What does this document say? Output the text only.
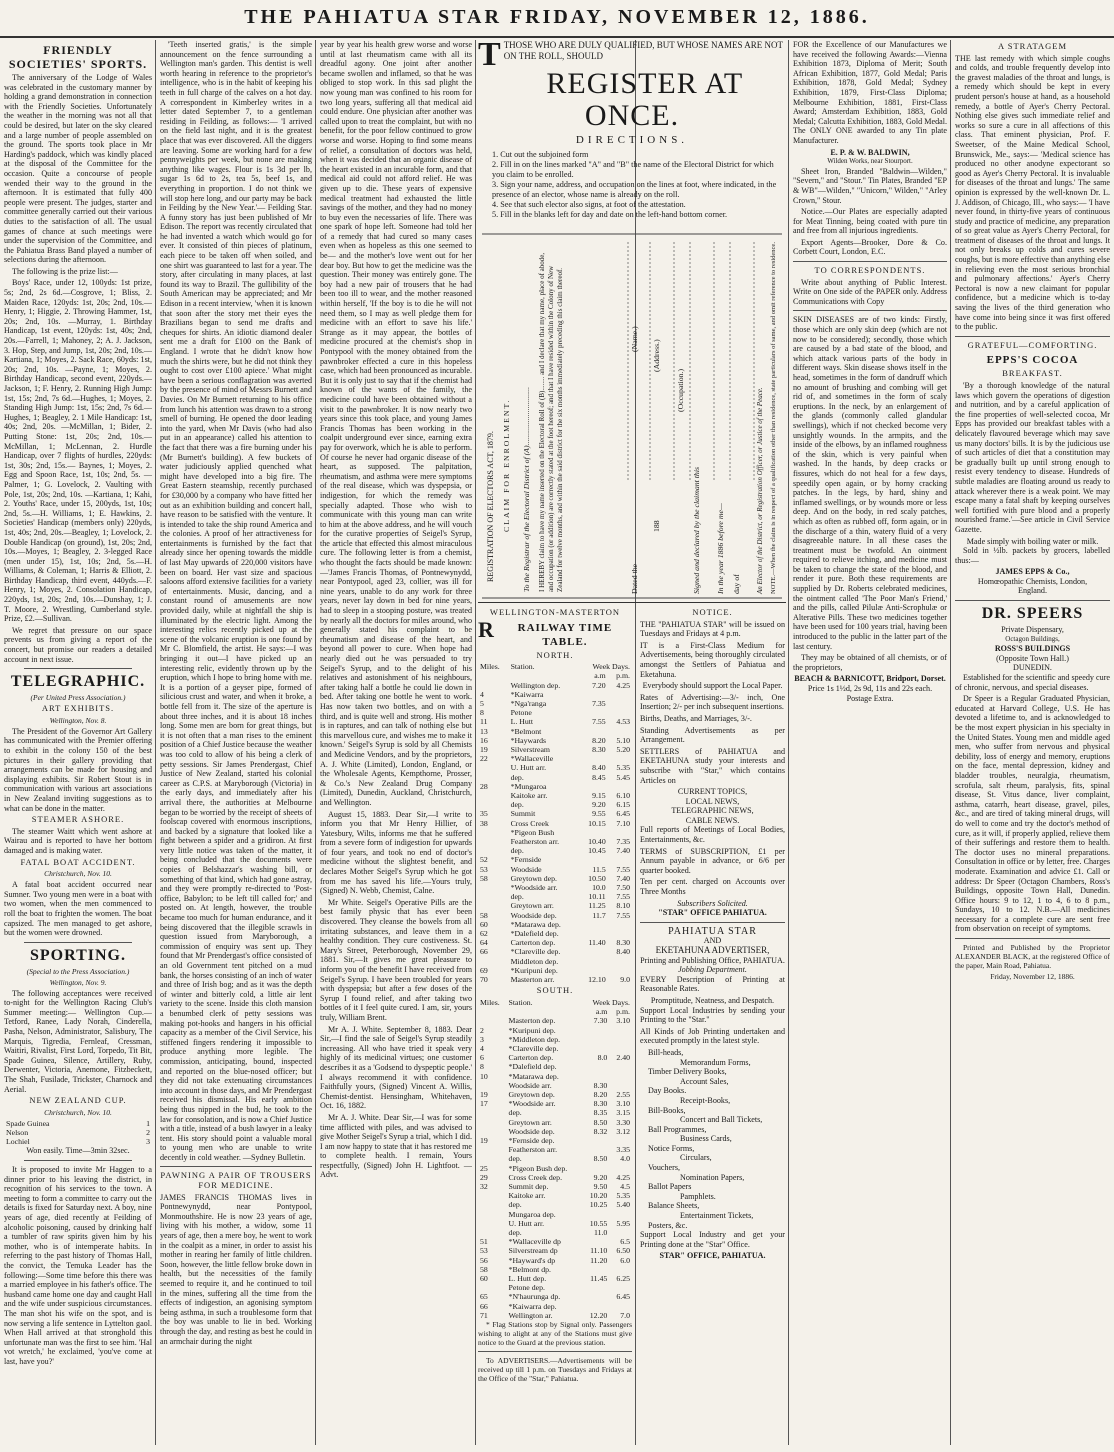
THE PAHIATUA STAR FRIDAY, NOVEMBER 12, 1886.
FRIENDLY SOCIETIES' SPORTS.

The anniversary of the Lodge of Wales was celebrated in the customary manner by holding a grand demonstration in connection with the Friendly Societies. Unfortunately the weather in the morning was not all that could be desired, but later on the sky cleared and a large number of people assembled on the ground. The sports took place in Mr Harding's paddock, which was kindly placed at the disposal of the Committee for the occasion. Quite a concourse of people wended their way to the ground in the afternoon. It is estimated that fully 400 people were present. The judges, starter and committee generally carried out their various duties to the satisfaction of all. The usual games of chance at such meetings were under the supervision of the Committee, and the Pahiatua Brass Band played a number of selections during the afternoon.

The following is the prize list:—

Boys' Race, under 12, 100yds: 1st prize, 5s; 2nd, 2s 6d.—Cosgrove, 1; Bliss, 2. Maiden Race, 120yds: 1st, 20s; 2nd, 10s.—Henry, 1; Higgie, 2. Throwing Hammer, 1st, 20s; 2nd, 10s. —Murray, 1. Birthday Handicap, 1st event, 120yds: 1st, 40s; 2nd, 20s.—Farrell, 1; Mahoney, 2; A. J. Jackson, 3. Hop, Step, and Jump, 1st, 20s; 2nd, 10s.—Kartiana, 1; Moyes, 2. Sack Race, 60yds: 1st, 20s; 2nd, 10s. —Payne, 1; Moyes, 2. Birthday Handicap, second event, 220yds.—Jackson, 1; F. Henry, 2. Running High Jump: 1st, 15s; 2nd, 7s 6d.—Hughes, 1; Moyes, 2. Standing High Jump: 1st, 15s; 2nd, 7s 6d.—Hughes, 1; Beagley, 2. 1 Mile Handicap: 1st, 40s; 2nd, 20s. —McMillan, 1; Bider, 2. Putting Stone: 1st, 20s; 2nd, 10s.— McMillan, 1; McLennan, 2. Hurdle Handicap, over 7 flights of hurdles, 220yds: 1st, 30s; 2nd, 15s.— Baynes, 1; Moyes, 2. Egg and Spoon Race, 1st, 10s; 2nd, 5s. —Palmer, 1; G. Lovelock, 2. Vaulting with Pole, 1st, 20s; 2nd, 10s. —Kartiana, 1; Kahi, 2. Youths' Race, under 15, 200yds, 1st, 10s; 2nd, 5s.—H. Williams, 1; E. Hawkins, 2. Societies' Handicap (members only) 220yds, 1st, 40s; 2nd, 20s.—Beagley, 1; Lovelock, 2. Double Handicap (on ground), 1st, 20s; 2nd, 10s.—Moyes, 1; Beagley, 2. 3-legged Race (men under 15), 1st, 10s; 2nd, 5s.—H. Williams, & Coleman, 1; Harris & Elliott, 2. Birthday Handicap, third event, 440yds.—F. Henry, 1; Moyes, 2. Consolation Handicap, 220yds, 1st, 20s; 2nd, 10s.—Dunshay, 1; J. T. Moore, 2. Wrestling, Cumberland style. Prize, £2.—Sullivan.

We regret that pressure on our space prevents us from giving a report of the concert, but promise our readers a detailed account in next issue.

TELEGRAPHIC.
(Per United Press Association.)
ART EXHIBITS.
Wellington, Nov. 8.

The President of the Governor Art Gallery has communicated with the Premier offering to exhibit in the colony 150 of the best pictures in their gallery providing that arrangements can be made for housing and displaying exhibits. Sir Robert Stout is in communication with various art associations in New Zealand inviting suggestions as to what can be done in the matter.

STEAMER ASHORE.

The steamer Waitt which went ashore at Wairau and is reported to have her bottom damaged and is making water.

FATAL BOAT ACCIDENT.
Christchurch, Nov. 10.

A fatal boat accident occurred near Sumner. Two young men were in a boat with two women, when the men commenced to roll the boat to frighten the women. The boat capsized. The men managed to get ashore, but the women were drowned.

SPORTING.
(Special to the Press Association.)
Wellington, Nov. 9.

The following acceptances were received to-night for the Wellington Racing Club's Summer meeting:— Wellington Cup.—Tetford, Ranee, Lady Norah, Cinderella, Pasha, Nelson, Administrator, Salisbury, The Marquis, Tigredia, Fernleaf, Cressman, Waitiri, Rivalist, First Lord, Torpedo, Tit Bit, Spade Guinea, Silence, Artillery, Ruby, Derwenter, Victoria, Anemone, Fitzbeckett, The Shah, Fusilade, Trickster, Charnock and Aerial.

NEW ZEALAND CUP.
Christchurch, Nov. 10.
Spade Guinea	1
Nelson	2
Lochiel	3
Won easily. Time—3min 32sec.

It is proposed to invite Mr Haggen to a dinner prior to his leaving the district, in recognition of his services to the town. A meeting to form a committee to carry out the details is fixed for Saturday next. A boy, nine years of age, died recently at Feilding of alcoholic poisoning, caused by drinking half a tumbler of raw spirits given him by his mother, who is of intemperate habits. In referring to the past history of Thomas Hall, the convict, the Temuka Leader has the following:—Some time before this there was a married employee in his father's office. The husband came home one day and caught Hall and the wife under suspicious circumstances. The man shot his wife on the spot, and is now serving a life sentence in Lyttelton gaol. When Hall arrived at that stronghold this unfortunate man was the first to see him. 'Hal vot wretch,' he exclaimed, 'you've come at last, have you?'

'Teeth inserted gratis,' is the simple announcement on the fence surrounding a Wellington man's garden. This dentist is well worth hearing in reference to the proprietor's intelligence, who is in the habit of keeping his teeth in full charge of the calves on a hot day. A correspondent in Kimberley writes in a letter dated September 7, to a gentleman residing in Feilding, as follows:— 'I arrived on the field last night, and it is the greatest place that was ever discovered. All the diggers are leaving. Some are working hard for a few pennyweights per week, but none are making anything like wages. Flour is 1s 3d per lb, sugar 1s 6d to 2s, tea 5s, beef 1s, and everything in proportion. I do not think we will stop here long, and our party may be back in Feilding by the New Year.'— Feilding Star. A funny story has just been published of Mr Edison. The report was recently circulated that he had invented a watch which would go for ever. It consisted of thin pieces of platinum, each piece to be taken off when soiled, and one shirt was guaranteed to last for a year. The story, after circulating in many places, at last found its way to Brazil. The gullibility of the South American may be appreciated; and Mr Edison in a recent interview, 'when it is known that soon after the story met their eyes the Brazilians began to send me drafts and cheques for shirts. An idiotic diamond dealer sent me a draft for £100 on the Bank of England. I wrote that he didn't know how much the shirts were, but he did not think they ought to cost over £100 apiece.' What might have been a serious conflagration was averted by the presence of mind of Messrs Burnett and Davies. On Mr Burnett returning to his office from lunch his attention was drawn to a strong smell of burning. He opened the door leading into the yard, when Mr Davis (who had also put in an appearance) called his attention to the fact that there was a fire burning under his (Mr Burnett's building). A few buckets of water judiciously applied quenched what might have developed into a big fire. The Great Eastern steamship, recently purchased for £30,000 by a company who have fitted her out as an exhibition building and concert hall, have reason to be satisfied with the venture. It is intended to take the ship round America and the colonies. A proof of her attractiveness for entertainments is furnished by the fact that already since her opening towards the middle of last May upwards of 220,000 visitors have been on board. Her vast size and spacious saloons afford extensive facilities for a variety of entertainments. Music, dancing, and a constant round of amusements are now provided daily, while at nightfall the ship is illuminated by the electric light. Among the interesting relics recently picked up at the scene of the volcanic eruption is one found by Mr C. Blomfield, the artist. He says:—I was bringing it out—I have picked up an interesting relic, evidently thrown up by the eruption, which I hope to bring home with me. It is a portion of a geyser pipe, formed of silicious crust and water, and when it broke, a bottle fell from it. The size of the aperture is about three inches, and it is about 18 inches long. Some men are born for great things, but it is not often that a man rises to the eminent position of a Chief Justice because the weather was too cold to allow of his being a clerk of petty sessions. Sir James Prendergast, Chief Justice of New Zealand, started his colonial career as C.P.S. at Maryborough (Victoria) in the early days, and immediately after his arrival there, the authorities at Melbourne began to be worried by the receipt of sheets of foolscap covered with enormous inscriptions, and backed by a signature that looked like a fight between a spider and a gridiron. At first very little notice was taken of the matter, it being concluded that the documents were copies of Belshazzar's washing bill, or something of that kind, which had gone astray, and they were promptly re-directed to 'Post-office, Babylon; to be left till called for;' and posted on. At length, however, the trouble became too much for human endurance, and it being discovered that the illegible scrawls in question issued from Maryborough, a commission of enquiry was sent up. They found that Mr Prendergast's office consisted of an old Government tent pitched on a mud bank, the horses consisting of an inch of water and three of Irish bog; and as it was the depth of winter and bitterly cold, a little air lent variety to the scene. Inside this cloth mansion a benumbed clerk of petty sessions was making pot-hooks and hangers in his official capacity as a member of the Civil Service, his stiffened fingers rendering it impossible to produce anything more legible. The commission, anticipating, bound, inspected and reported on the blue-nosed officer; but they did not take extenuating circumstances into account in those days, and Mr Prendergast received his dismissal. His early ambition being thus nipped in the bud, he took to the law for consolation, and is now a Chief Justice with a title, instead of a bush lawyer in a leaky tent. His story should point a valuable moral to young men who are unable to write decently in cold weather. —Sydney Bulletin.

PAWNING A PAIR OF TROUSERS FOR MEDICINE.

JAMES FRANCIS THOMAS lives in Pontnewynydd, near Pontypool, Monmouthshire. He is now 23 years of age, living with his mother, a widow, some 11 years of age, then a mere boy, he went to work in the coalpit as a miner, in order to assist his mother in rearing her family of little children. Soon, however, the little fellow broke down in health, but the necessities of the family seemed to require it, and he continued to toil in the mines, suffering all the time from the effects of indigestion, an agonising symptom being asthma, in such a troublesome form that the boy was unable to lie in bed. Working through the day, and resting as best he could in an armchair during the night

year by year his health grew worse and worse until at last rheumatism came with all its dreadful agony. One joint after another became swollen and inflamed, so that he was obliged to stop work. In this sad plight the now young man was confined to his room for two long years, suffering all that medical aid could endure. One physician after another was called upon to treat the complaint, but with no benefit, for the poor fellow continued to grow worse and worse. Hoping to find some means of relief, a consultation of doctors was held, when it was decided that an organic disease of the heart existed in an incurable form, and that medical aid could not afford relief. He was given up to die. These years of expensive medical treatment had exhausted the little savings of the mother, and they had no money to buy even the necessaries of life. There was one spark of hope left. Someone had told her of a remedy that had cured so many cases even when as hopeless as this one seemed to be— and the mother's love went out for her dear boy. But how to get the medicine was the question. Their money was entirely gone. The boy had a new pair of trousers that he had been too ill to wear, and the mother reasoned within herself, 'If the boy is to die he will not need them, so I may as well pledge them for medicine with an effort to save his life.' Strange as it may appear, the bottles of medicine procured at the chemist's shop in Pontypool with the money obtained from the pawnbroker effected a cure in this hopeless case, which had been pronounced as incurable. But it is only just to say that if the chemist had known of the wants of the family, the medicine could have been obtained without a visit to the pawnbroker. It is now nearly two years since this took place, and young James Francis Thomas has been working in the coalpit underground ever since, earning extra pay for overwork, which he is able to perform. Of course he never had organic disease of the heart, as supposed. The palpitation, rheumatism, and asthma were mere symptoms of the real disease, which was dyspepsia, or indigestion, for which the remedy was specially adapted. Those who wish to communicate with this young man can write to him at the above address, and he will vouch for the curative properties of Seigel's Syrup, the article that effected this almost miraculous cure. The following letter is from a chemist, who thought the facts should be made known:—'James Francis Thomas, of Pontnewynydd, near Pontypool, aged 23, collier, was ill for nine years, unable to do any work for three years, never lay down in bed for nine years, had to sleep in a stooping posture, was treated by nearly all the doctors for miles around, who generally stated his complaint to be rheumatism and disease of the heart, and beyond all power to cure. When hope had nearly died out he was persuaded to try Seigel's Syrup, and to the delight of his relatives and astonishment of his neighbours, after taking half a bottle he could lie down in bed. After taking one bottle he went to work. Has now taken two bottles, and on with a third, and is quite well and strong. His mother is in raptures, and can talk of nothing else but this marvellous cure, and wishes me to make it known.' Seigel's Syrup is sold by all Chemists and Medicine Vendors, and by the proprietors, A. J. White (Limited), London, England, or the Wholesale Agents, Kempthorne, Prosser, & Co.'s New Zealand Drug Company (Limited), Dunedin, Auckland, Christchurch, and Wellington.

August 15, 1883. Dear Sir,—I write to inform you that Mr Henry Hillier, of Yatesbury, Wilts, informs me that he suffered from a severe form of indigestion for upwards of four years, and took no end of doctor's medicine without the slightest benefit, and declares Mother Seigel's Syrup which he got from me has saved his life.—Yours truly, (Signed) N. Webb, Chemist, Calne.

Mr White. Seigel's Operative Pills are the best family physic that has ever been discovered. They cleanse the bowels from all irritating substances, and leave them in a healthy condition. They cure costiveness. St. Mary's Street, Peterborough, November 29, 1881. Sir,—It gives me great pleasure to inform you of the benefit I have received from Seigel's Syrup. I have been troubled for years with dyspepsia; but after a few doses of the Syrup I found relief, and after taking two bottles of it I feel quite cured. I am, sir, yours truly, William Brent.

Mr A. J. White. September 8, 1883. Dear Sir,—I find the sale of Seigel's Syrup steadily increasing. All who have tried it speak very highly of its medicinal virtues; one customer describes it as a 'Godsend to dyspeptic people.' I always recommend it with confidence. Faithfully yours, (Signed) Vincent A. Willis, Chemist-dentist. Hensingham, Whitehaven, Oct. 16, 1882.

Mr A. J. White. Dear Sir,—I was for some time afflicted with piles, and was advised to give Mother Seigel's Syrup a trial, which I did. I am now happy to state that it has restored me to complete health. I remain, Yours respectfully, (Signed) John H. Lightfoot. —Advt.

T THOSE WHO ARE DULY QUALIFIED, BUT WHOSE NAMES ARE NOT ON THE ROLL, SHOULD
REGISTER AT ONCE.
DIRECTIONS.
1. Cut out the subjoined form
2. Fill in on the lines marked "A" and "B" the name of the Electoral District for which you claim to be enrolled.
3. Sign your name, address, and occupation on the lines at foot, where indicated, in the presence of an elector, whose name is already on the roll.
4. See that such elector also signs, at foot of the attestation.
5. Fill in the blanks left for day and date on the left-hand bottom corner.
REGISTRATION OF ELECTORS ACT, 1879. CLAIM FOR ENROLMENT. To the Registrar of the Electoral District of (A).............................. I HEREBY claim to have my name inserted on the Electoral Roll of (B)........ and I declare that my name, place of abode, and occupation (or addition) are correctly stated at the foot hereof; and that I have resided within the Colony of New Zealand for twelve months, and within the said district for the six months immediately preceding this claim thereof.	(Name.)
(Address.)
(Occupation.)
Dated the
188	Signed and declared by the claimant this In the year 1886 before me— day of An Elector of the District, or Registration Officer, or Justice of the Peace. NOTE.—When the claim is in respect of a qualification other than residence, state particulars of same, and omit reference to residence.
WELLINGTON-MASTERTON
R RAILWAY TIME TABLE.
NORTH.
Miles.	Station.	Week Days.	
		a.m	p.m.
	Wellington dep.	7.20	4.25
4	*Kaiwarra		
5	*Nga'ranga	7.35	
8	Petone		
11	L. Hutt	7.55	4.53
13	*Belmont		
16	*Haywards	8.20	5.10
19	Silverstream	8.30	5.20
22	*Wallaceville		
	U. Hutt arr.	8.40	5.35
	dep.	8.45	5.45
28	*Mungaroa		
	Kaitoke arr.	9.15	6.10
	dep.	9.20	6.15
35	Summit	9.55	6.45
38	Cross Creek	10.15	7.10
	*Pigeon Bush		
	Featherston arr.	10.40	7.35
	dep.	10.45	7.40
52	*Fernside		
53	Woodside	11.5	7.55
58	Greytown dep.	10.50	7.40
	*Woodside arr.	10.0	7.50
	dep.	10.11	7.55
	Greytown arr.	11.25	8.10
58	Woodside dep.	11.7	7.55
60	*Matarawa dep.		
62	*Dalefield dep.		
64	Carterton dep.	11.40	8.30
66	*Clareville dep.		8.40
	Middleton dep.		
69	*Kuripuni dep.		
70	Masterton arr.	12.10	9.0
SOUTH.
Miles.	Station.	Week Days.	
		a.m	p.m.
	Masterton dep.	7.30	3.10
2	*Kuripuni dep.		
3	*Middleton dep.		
4	*Clareville dep.		
6	Carterton dep.	8.0	2.40
8	*Dalefield dep.		
10	*Matarawa dep.		
	Woodside arr.	8.30	
19	Greytown dep.	8.20	2.55
17	*Woodside arr.	8.30	3.10
	dep.	8.35	3.15
	Greytown arr.	8.50	3.30
	Woodside dep.	8.32	3.12
19	*Fernside dep.		
	Featherston arr.		3.35
	dep.	8.50	4.0
25	*Pigeon Bush dep.		
29	Cross Creek dep.	9.20	4.25
32	Summit dep.	9.50	4.5
	Kaitoke arr.	10.20	5.35
	dep.	10.25	5.40
	Mungaroa dep.		
	U. Hutt arr.	10.55	5.95
	dep.	11.0	
51	*Wallaceville dp		6.5
53	Silverstream dp	11.10	6.50
56	*Hayward's dp	11.20	6.0
58	*Belmont dp.		
60	L. Hutt dep.	11.45	6.25
	Petone dep.		
65	*N'haurunga dp.		6.45
66	*Kaiwarra dep.		
71	Wellington ar.	12.20	7.0

* Flag Stations stop by Signal only. Passengers wishing to alight at any of the Stations must give notice to the Guard at the previous station.

To ADVERTISERS.—Advertisements will be received up till 1 p.m. on Tuesdays and Fridays at the Office of the "Star," Pahiatua.

NOTICE.

THE "PAHIATUA STAR" will be issued on Tuesdays and Fridays at 4 p.m.

IT is a First-Class Medium for Advertisements, being thoroughly circulated amongst the Settlers of Pahiatua and Eketahuna.

Everybody should support the Local Paper.

Rates of Advertising:—3/- inch, One Insertion; 2/- per inch subsequent insertions.

Births, Deaths, and Marriages, 3/-.

Standing Advertisements as per Arrangement.

SETTLERS of PAHIATUA and EKETAHUNA study your interests and subscribe with "Star," which contains Articles on

CURRENT TOPICS,
LOCAL NEWS,
TELEGRAPHIC NEWS,
CABLE NEWS.

Full reports of Meetings of Local Bodies, Entertainments, &c.

TERMS of SUBSCRIPTION, £1 per Annum payable in advance, or 6/6 per quarter booked.

Ten per cent. charged on Accounts over Three Months

Subscribers Solicited.
"STAR" OFFICE PAHIATUA.
PAHIATUA STAR
AND
EKETAHUNA ADVERTISER,
Printing and Publishing Office, PAHIATUA.
Jobbing Department.

EVERY Description of Printing at Reasonable Rates.

Promptitude, Neatness, and Despatch.

Support Local Industries by sending your Printing to the "Star."

All Kinds of Job Printing undertaken and executed promptly in the latest style.

Bill-heads,
Memorandum Forms,
Timber Delivery Books,
Account Sales,
Day Books.
Receipt-Books,
Bill-Books,
Concert and Ball Tickets,
Ball Programmes,
Business Cards,
Notice Forms,
Circulars,
Vouchers,
Nomination Papers,
Ballot Papers
Pamphlets.
Balance Sheets,
Entertainment Tickets,
Posters, &c.

Support Local Industry and get your Printing done at the "Star" Office.

STAR" OFFICE, PAHIATUA.

FOR the Excellence of our Manufactures we have received the following Awards:—Vienna Exhibition 1873, Diploma of Merit; South African Exhibition, 1877, Gold Medal; Paris Exhibition, 1878, Gold Medal; Sydney Exhibition, 1879, First-Class Diploma; Melbourne Exhibition, 1881, First-Class Award; Amsterdam Exhibition, 1883, Gold Medal; Calcutta Exhibition, 1883, Gold Medal. The ONLY ONE awarded to any Tin plate Manufacturer.

E. P. & W. BALDWIN,
Wilden Works, near Stourport.

Sheet Iron, Branded "Baldwin—Wilden," "Severn," and "Stour." Tin Plates, Branded "EP & WB"—Wilden," "Unicorn," Wilden," "Arley Crown," Stour.

Notice.—Our Plates are especially adapted for Meat Tinning, being coated with pure tin and free from all injurious ingredients.

Export Agents—Brooker, Dore & Co. Corbett Court, London, E.C.

TO CORRESPONDENTS.

Write about anything of Public Interest. Write on One side of the PAPER only. Address Communications with Copy

SKIN DISEASES are of two kinds: Firstly, those which are only skin deep (which are not now to be considered); secondly, those which are caused by a bad state of the blood, and which attack various parts of the body in different ways. Skin disease shows itself in the head, sometimes in the form of dandruff which no amount of brushing and combing will get rid of, and sometimes in the form of scaly eruptions. In the neck, by an enlargement of the glands (commonly called glandular swellings), which if not checked become very unsightly wounds. In the armpits, and the inside of the elbows, by an inflamed roughness of the skin, which is very painful when washed. In the hands, by deep cracks or fissures, which do not heal for a few days, speedily open again, or by horny cracking patches. In the legs, by hard, shiny and inflamed swellings, or by wounds more or less deep. And on the body, in red scaly patches, which as often as rubbed off, form again, or in the discharge of a thin, watery fluid of a very disagreeable nature. In all these cases the treatment must be twofold. An ointment required to relieve itching, and medicine must be taken to change the state of the blood, and render it pure. Both these requirements are supplied by Dr. Roberts celebrated medicines, the ointment called 'The Poor Man's Friend,' and the pills, called Pilulæ Anti-Scrophulæ or Alterative Pills. These two medicines together have been used for 100 years trial, having been introduced to the public in the latter part of the last century.

They may be obtained of all chemists, or of the proprietors,

BEACH & BARNICOTT, Bridport, Dorset.
Price 1s 1½d, 2s 9d, 11s and 22s each.
Postage Extra.
A STRATAGEM

THE last remedy with which simple coughs and colds, and trouble frequently develop into the gravest maladies of the throat and lungs, is a remedy which should be kept in every prudent person's house at hand, as a household remedy, a bottle of Ayer's Cherry Pectoral. Nothing else gives such immediate relief and works so sure a cure in all affections of this class. That eminent physician, Prof. F. Sweetser, of the Maine Medical School, Brunswick, Me., says:— 'Medical science has produced no other anodyne expectorant so good as Ayer's Cherry Pectoral. It is invaluable for diseases of the throat and lungs.' The same opinion is expressed by the well-known Dr. L. J. Addison, of Chicago, Ill., who says:— 'I have never found, in thirty-five years of continuous study and practice of medicine, any preparation of so great value as Ayer's Cherry Pectoral, for treatment of diseases of the throat and lungs. It not only breaks up colds and cures severe coughs, but is more effective than anything else in relieving even the most serious bronchial and pulmonary affections.' Ayer's Cherry Pectoral is now a new claimant for popular confidence, but a medicine which is to-day saving the lives of the third generation who have come into being since it was first offered to the public.

GRATEFUL—COMFORTING.
EPPS'S COCOA
BREAKFAST.

'By a thorough knowledge of the natural laws which govern the operations of digestion and nutrition, and by a careful application of the fine properties of well-selected cocoa, Mr Epps has provided our breakfast tables with a delicately flavoured beverage which may save us many doctors' bills. It is by the judicious use of such articles of diet that a constitution may be gradually built up until strong enough to resist every tendency to disease. Hundreds of subtle maladies are floating around us ready to attack wherever there is a weak point. We may escape many a fatal shaft by keeping ourselves well fortified with pure blood and a properly nourished frame.'—See article in Civil Service Gazette.

Made simply with boiling water or milk.

Sold in ½lb. packets by grocers, labelled thus:—

JAMES EPPS & Co.,
Homœopathic Chemists, London,
England.
DR. SPEERS
Private Dispensary,
Octagon Buildings,
ROSS'S BUILDINGS
(Opposite Town Hall.)
DUNEDIN.

Established for the scientific and speedy cure of chronic, nervous, and special diseases.

Dr Speer is a Regular Graduated Physician, educated at Harvard College, U.S. He has devoted a lifetime to, and is acknowledged to be the most expert physician in his specialty in the United States. Young men and middle aged men, who suffer from nervous and physical debility, loss of energy and memory, eruptions on the face, mental depression, kidney and bladder troubles, neuralgia, rheumatism, scrofula, salt rheum, paralysis, fits, spinal disease, St. Vitus dance, liver complaint, asthma, catarrh, heart disease, gravel, piles, &c., and are tired of taking mineral drugs, will do well to come and try the doctor's method of cure, as it will, if properly applied, relieve them of their sufferings and restore them to health. The doctor uses no mineral preparations. Consultation in office or by letter, free. Charges moderate. Examination and advice £1. Call or address: Dr Speer (Octagon Chambers, Ross's Buildings, opposite Town Hall, Dunedin. Office hours: 9 to 12, 1 to 4, 6 to 8 p.m., Sundays, 10 to 12. N.B.—All medicines necessary for a complete cure are sent free from observation on receipt of symptoms.

Printed and Published by the Proprietor ALEXANDER BLACK, at the registered Office of the paper, Main Road, Pahiatua.

Friday, November 12, 1886.
